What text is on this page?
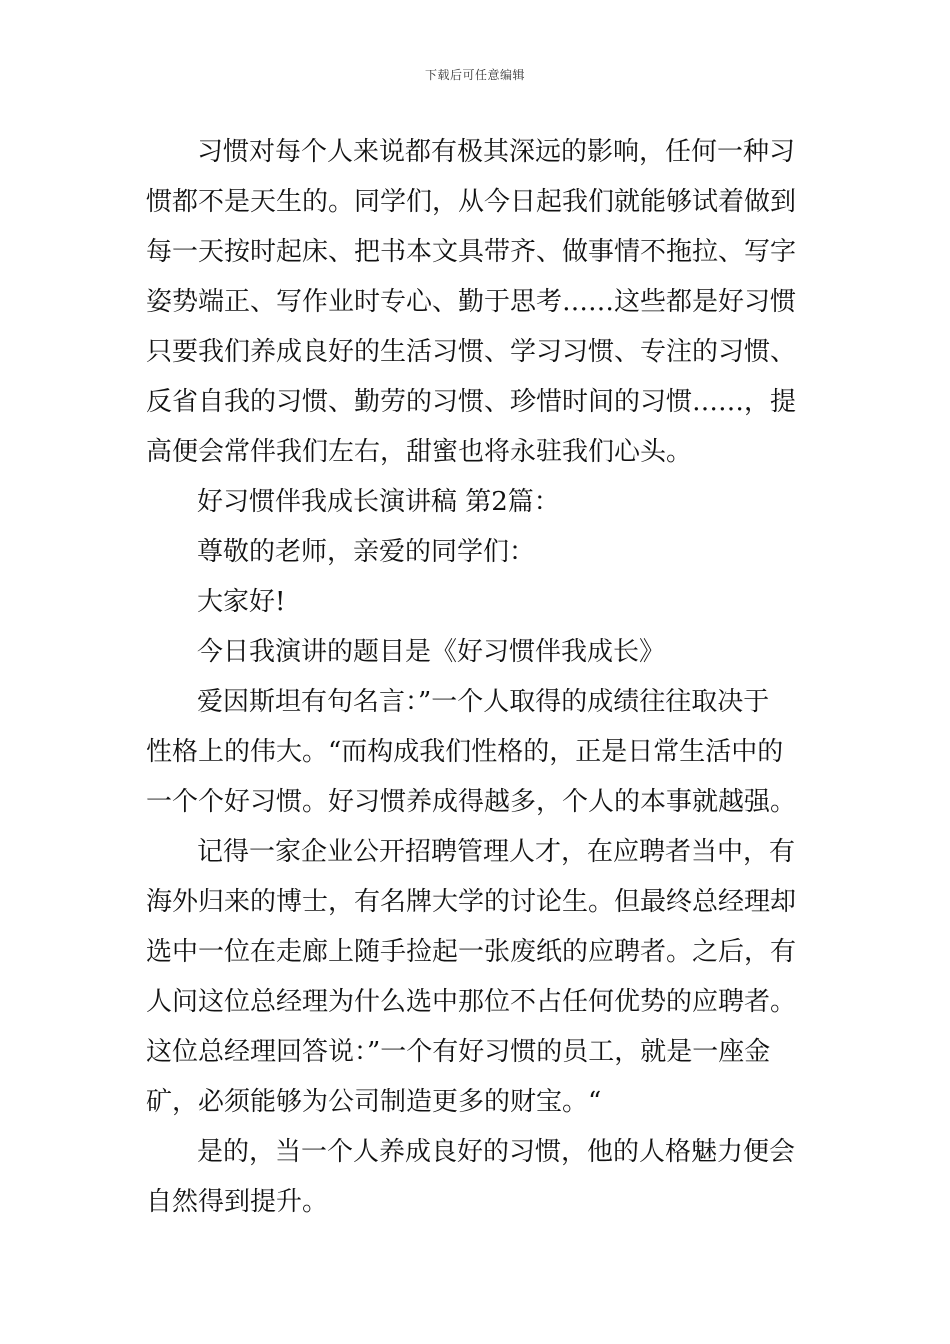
下载后可任意编辑
习惯对每个人来说都有极其深远的影响，任何一种习
惯都不是天生的。同学们，从今日起我们就能够试着做到
每一天按时起床、把书本文具带齐、做事情不拖拉、写字
姿势端正、写作业时专心、勤于思考……这些都是好习惯
只要我们养成良好的生活习惯、学习习惯、专注的习惯、
反省自我的习惯、勤劳的习惯、珍惜时间的习惯……，提
高便会常伴我们左右，甜蜜也将永驻我们心头。
好习惯伴我成长演讲稿 第2篇：
尊敬的老师，亲爱的同学们：
大家好!
今日我演讲的题目是《好习惯伴我成长》
爱因斯坦有句名言：”一个人取得的成绩往往取决于
性格上的伟大。“而构成我们性格的，正是日常生活中的
一个个好习惯。好习惯养成得越多，个人的本事就越强。
记得一家企业公开招聘管理人才，在应聘者当中，有
海外归来的博士，有名牌大学的讨论生。但最终总经理却
选中一位在走廊上随手捡起一张废纸的应聘者。之后，有
人问这位总经理为什么选中那位不占任何优势的应聘者。
这位总经理回答说：”一个有好习惯的员工，就是一座金
矿，必须能够为公司制造更多的财宝。“
是的，当一个人养成良好的习惯，他的人格魅力便会
自然得到提升。
